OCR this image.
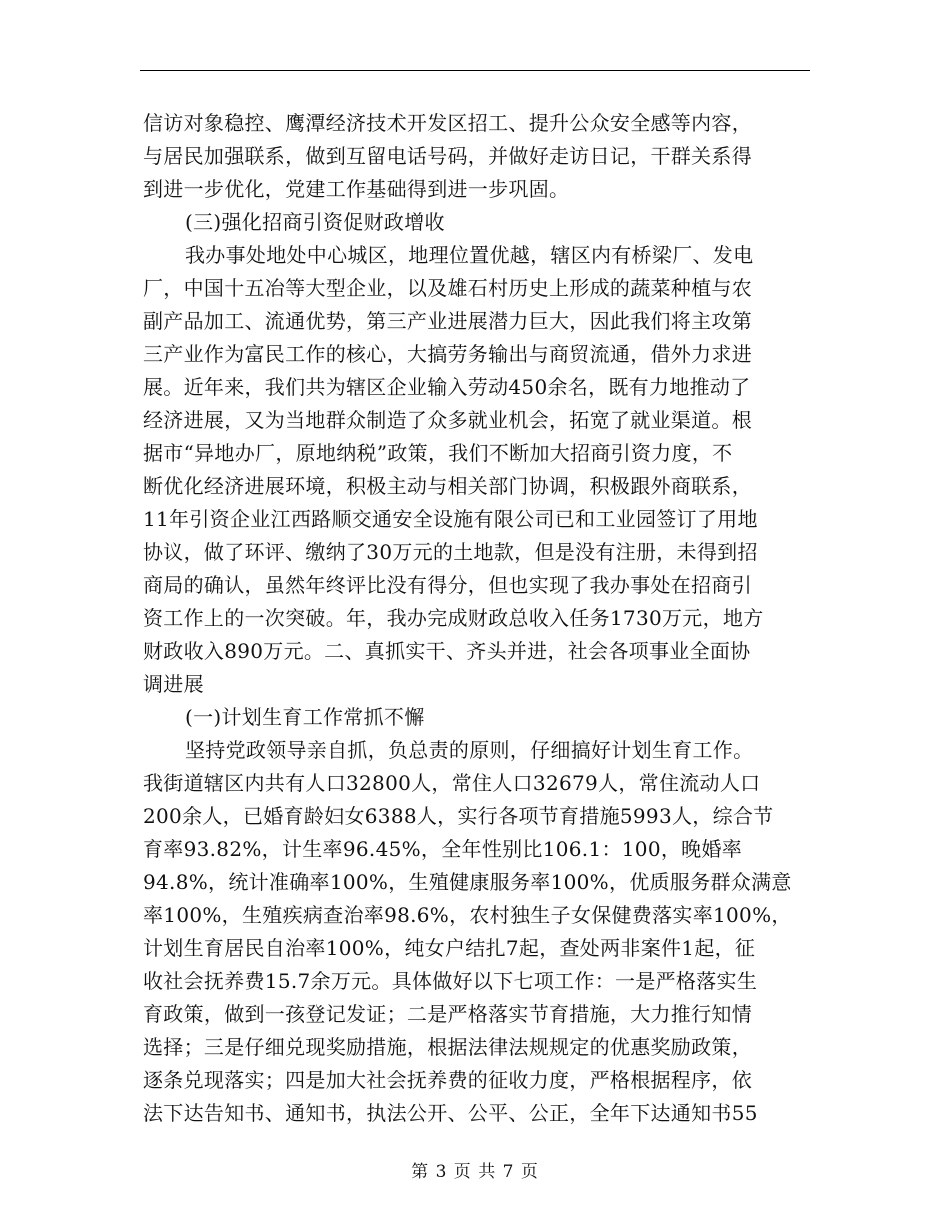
信访对象稳控、鹰潭经济技术开发区招工、提升公众安全感等内容，
与居民加强联系，做到互留电话号码，并做好走访日记，干群关系得
到进一步优化，党建工作基础得到进一步巩固。
(三)强化招商引资促财政增收
我办事处地处中心城区，地理位置优越，辖区内有桥梁厂、发电
厂，中国十五冶等大型企业，以及雄石村历史上形成的蔬菜种植与农
副产品加工、流通优势，第三产业进展潜力巨大，因此我们将主攻第
三产业作为富民工作的核心，大搞劳务输出与商贸流通，借外力求进
展。近年来，我们共为辖区企业输入劳动450余名，既有力地推动了
经济进展，又为当地群众制造了众多就业机会，拓宽了就业渠道。根
据市“异地办厂，原地纳税”政策，我们不断加大招商引资力度，不
断优化经济进展环境，积极主动与相关部门协调，积极跟外商联系，
11年引资企业江西路顺交通安全设施有限公司已和工业园签订了用地
协议，做了环评、缴纳了30万元的土地款，但是没有注册，未得到招
商局的确认，虽然年终评比没有得分，但也实现了我办事处在招商引
资工作上的一次突破。年，我办完成财政总收入任务1730万元，地方
财政收入890万元。二、真抓实干、齐头并进，社会各项事业全面协
调进展
(一)计划生育工作常抓不懈
坚持党政领导亲自抓，负总责的原则，仔细搞好计划生育工作。
我街道辖区内共有人口32800人，常住人口32679人，常住流动人口
200余人，已婚育龄妇女6388人，实行各项节育措施5993人，综合节
育率93.82%，计生率96.45%，全年性别比106.1：100，晚婚率
94.8%，统计准确率100%，生殖健康服务率100%，优质服务群众满意
率100%，生殖疾病查治率98.6%，农村独生子女保健费落实率100%，
计划生育居民自治率100%，纯女户结扎7起，查处两非案件1起，征
收社会抚养费15.7余万元。具体做好以下七项工作：一是严格落实生
育政策，做到一孩登记发证；二是严格落实节育措施，大力推行知情
选择；三是仔细兑现奖励措施，根据法律法规规定的优惠奖励政策，
逐条兑现落实；四是加大社会抚养费的征收力度，严格根据程序，依
法下达告知书、通知书，执法公开、公平、公正，全年下达通知书55
第 3 页 共 7 页
